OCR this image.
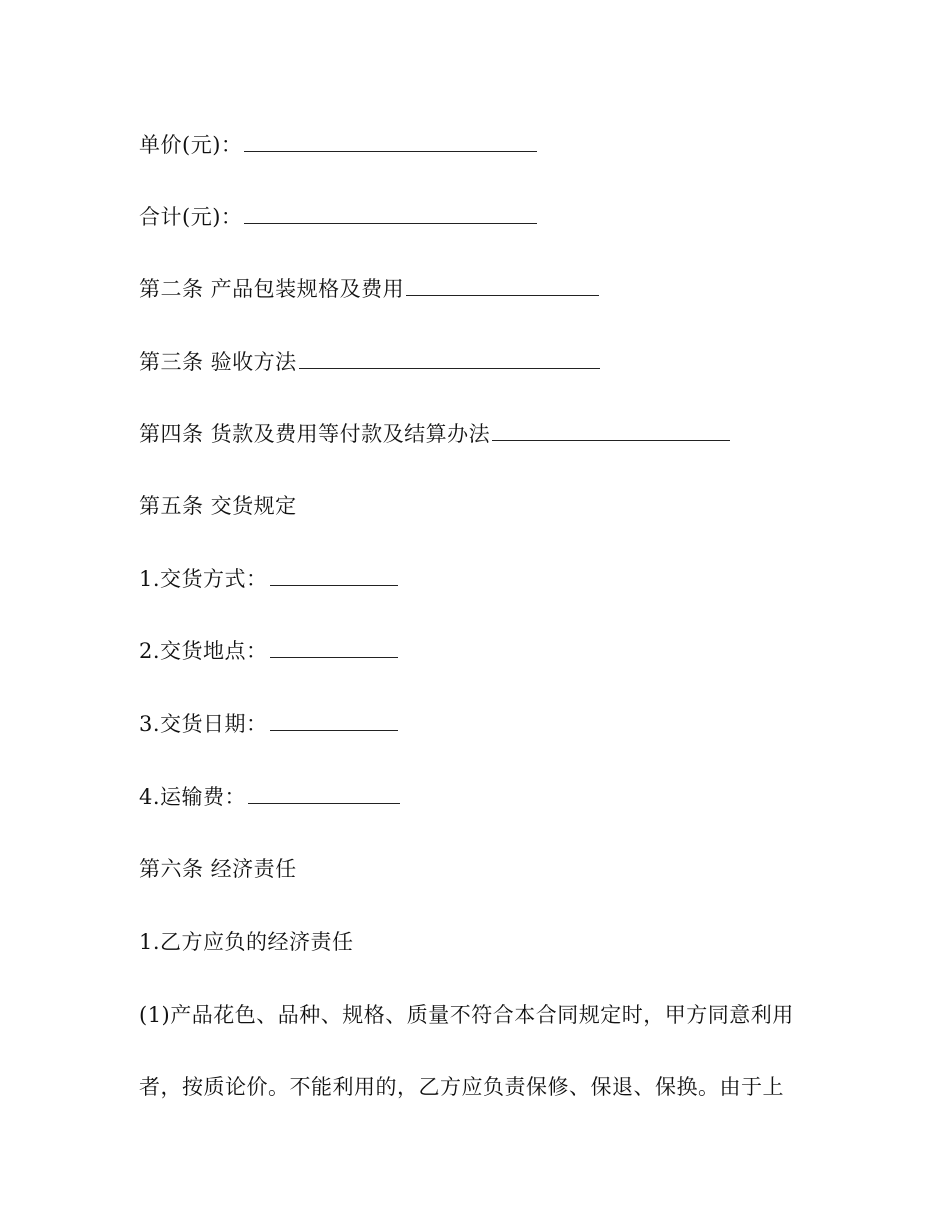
单价(元)：
合计(元)：
第二条 产品包装规格及费用
第三条 验收方法
第四条 货款及费用等付款及结算办法
第五条 交货规定
1.交货方式：
2.交货地点：
3.交货日期：
4.运输费：
第六条 经济责任
1.乙方应负的经济责任
(1)产品花色、品种、规格、质量不符合本合同规定时，甲方同意利用
者，按质论价。不能利用的，乙方应负责保修、保退、保换。由于上
